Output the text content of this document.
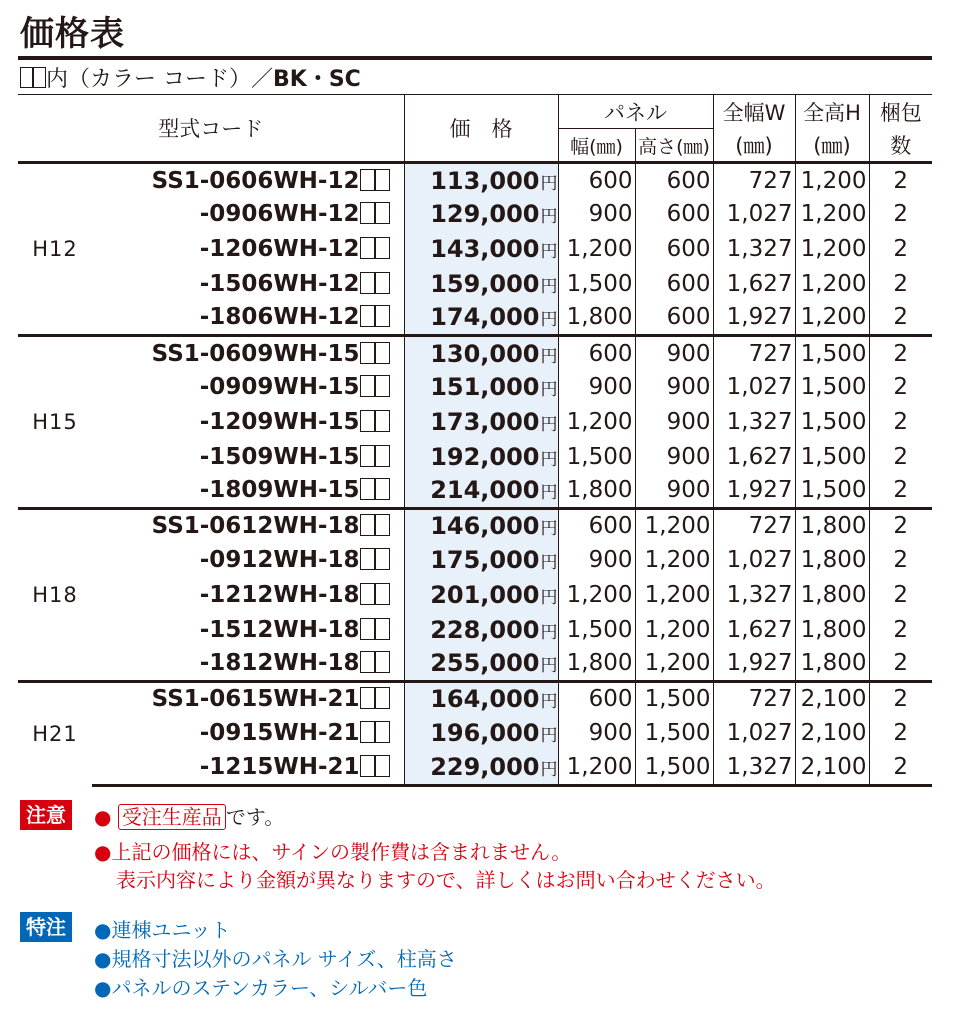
価格表
内（カラー コード）／BK・SC
型式コード		価　格	パネル		全幅W	全高H	梱包
			幅(㎜)	高さ(㎜)	(㎜)	(㎜)	数
H12	SS1-0606WH-12	113,000円	600	600	727	1,200	2
	-0906WH-12	129,000円	900	600	1,027	1,200	2
	-1206WH-12	143,000円	1,200	600	1,327	1,200	2
	-1506WH-12	159,000円	1,500	600	1,627	1,200	2
	-1806WH-12	174,000円	1,800	600	1,927	1,200	2
H15	SS1-0609WH-15	130,000円	600	900	727	1,500	2
	-0909WH-15	151,000円	900	900	1,027	1,500	2
	-1209WH-15	173,000円	1,200	900	1,327	1,500	2
	-1509WH-15	192,000円	1,500	900	1,627	1,500	2
	-1809WH-15	214,000円	1,800	900	1,927	1,500	2
H18	SS1-0612WH-18	146,000円	600	1,200	727	1,800	2
	-0912WH-18	175,000円	900	1,200	1,027	1,800	2
	-1212WH-18	201,000円	1,200	1,200	1,327	1,800	2
	-1512WH-18	228,000円	1,500	1,200	1,627	1,800	2
	-1812WH-18	255,000円	1,800	1,200	1,927	1,800	2
H21	SS1-0615WH-21	164,000円	600	1,500	727	2,100	2
	-0915WH-21	196,000円	900	1,500	1,027	2,100	2
	-1215WH-21	229,000円	1,200	1,500	1,327	2,100	2
注意	● 受注生産品 です。
●上記の価格には、サインの製作費は含まれません。
表示内容により金額が異なりますので、詳しくはお問い合わせください。
特注	●連棟ユニット
●規格寸法以外のパネル サイズ、柱高さ
●パネルのステンカラー、シルバー色
